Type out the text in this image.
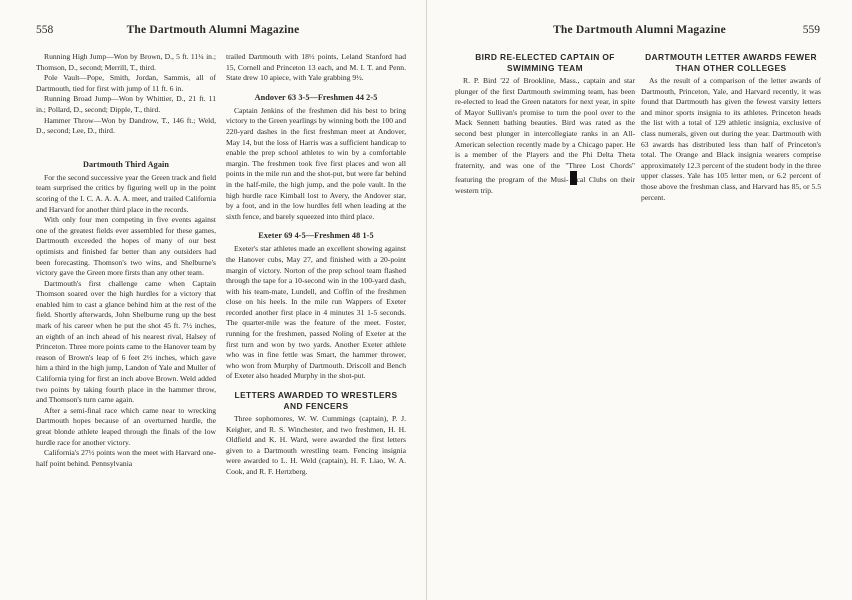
558	The Dartmouth Alumni Magazine

Running High Jump—Won by Brown, D., 5 ft. 11¼ in.; Thomson, D., second; Merrill, T., third.

Pole Vault—Pope, Smith, Jordan, Sammis, all of Dartmouth, tied for first with jump of 11 ft. 6 in.

Running Broad Jump—Won by Whittier, D., 21 ft. 11 in.; Pollard, D., second; Dipple, T., third.

Hammer Throw—Won by Dandrow, T., 146 ft.; Weld, D., second; Lee, D., third.

Dartmouth Third Again

For the second successive year the Green track and field team surprised the critics by figuring well up in the point scoring of the I. C. A. A. A. A. meet, and trailed California and Harvard for another third place in the records.

With only four men competing in five events against one of the greatest fields ever assembled for these games, Dartmouth exceeded the hopes of many of our best optimists and finished far better than any outsiders had been forecasting. Thomson's two wins, and Shelburne's victory gave the Green more firsts than any other team.

Dartmouth's first challenge came when Captain Thomson soared over the high hurdles for a victory that enabled him to cast a glance behind him at the rest of the field. Shortly afterwards, John Shelburne rung up the best mark of his career when he put the shot 45 ft. 7½ inches, an eighth of an inch ahead of his nearest rival, Halsey of Princeton. Three more points came to the Hanover team by reason of Brown's leap of 6 feet 2½ inches, which gave him a third in the high jump, Landon of Yale and Muller of California tying for first an inch above Brown. Weld added two points by taking fourth place in the hammer throw, and Thomson's turn came again.

After a semi-final race which came near to wrecking Dartmouth hopes because of an overturned hurdle, the great blonde athlete leaped through the finals of the low hurdle race for another victory.

California's 27½ points won the meet with Harvard one-half point behind. Pennsylvania

trailed Dartmouth with 18½ points, Leland Stanford had 15, Cornell and Princeton 13 each, and M. I. T. and Penn. State drew 10 apiece, with Yale grabbing 9½.

Andover 63 3-5—Freshmen 44 2-5

Captain Jenkins of the freshmen did his best to bring victory to the Green yearlings by winning both the 100 and 220-yard dashes in the first freshman meet at Andover, May 14, but the loss of Harris was a sufficient handicap to enable the prep school athletes to win by a comfortable margin. The freshmen took five first places and won all points in the mile run and the shot-put, but were far behind in the half-mile, the high jump, and the pole vault. In the high hurdle race Kimball lost to Avery, the Andover star, by a foot, and in the low hurdles fell when leading at the sixth fence, and barely squeezed into third place.

Exeter 69 4-5—Freshmen 48 1-5

Exeter's star athletes made an excellent showing against the Hanover cubs, May 27, and finished with a 20-point margin of victory. Norton of the prep school team flashed through the tape for a 10-second win in the 100-yard dash, with his team-mate, Lundell, and Coffin of the freshmen close on his heels. In the mile run Wappers of Exeter recorded another first place in 4 minutes 31 1-5 seconds. The quarter-mile was the feature of the meet. Foster, running for the freshmen, passed Noling of Exeter at the first turn and won by two yards. Another Exeter athlete who was in fine fettle was Smart, the hammer thrower, who won from Murphy of Dartmouth. Driscoll and Bench of Exeter also headed Murphy in the shot-put.

LETTERS AWARDED TO WRESTLERS AND FENCERS

Three sophomores, W. W. Cummings (captain), P. J. Keigher, and R. S. Winchester, and two freshmen, H. H. Oldfield and K. H. Ward, were awarded the first letters given to a Dartmouth wrestling team. Fencing insignia were awarded to L. H. Weld (captain), H. F. Liao, W. A. Cook, and R. F. Hertzberg.

The Dartmouth Alumni Magazine	559
BIRD RE-ELECTED CAPTAIN OF SWIMMING TEAM

R. P. Bird '22 of Brookline, Mass., captain and star plunger of the first Dartmouth swimming team, has been re-elected to lead the Green natators for next year, in spite of Mayor Sullivan's promise to turn the pool over to the Mack Sennett bathing beauties. Bird was rated as the second best plunger in intercollegiate ranks in an All-American selection recently made by a Chicago paper. He is a member of the Players and the Phi Delta Theta fraternity, and was one of the "Three Lost Chords" featuring the program of the Musi- cal Clubs on their western trip.

DARTMOUTH LETTER AWARDS FEWER THAN OTHER COLLEGES

As the result of a comparison of the letter awards of Dartmouth, Princeton, Yale, and Harvard recently, it was found that Dartmouth has given the fewest varsity letters and minor sports insignia to its athletes. Princeton heads the list with a total of 129 athletic insignia, exclusive of class numerals, given out during the year. Dartmouth with 63 awards has distributed less than half of Princeton's total. The Orange and Black insignia wearers comprise approximately 12.3 percent of the student body in the three upper classes. Yale has 105 letter men, or 6.2 percent of those above the freshman class, and Harvard has 85, or 5.5 percent.
